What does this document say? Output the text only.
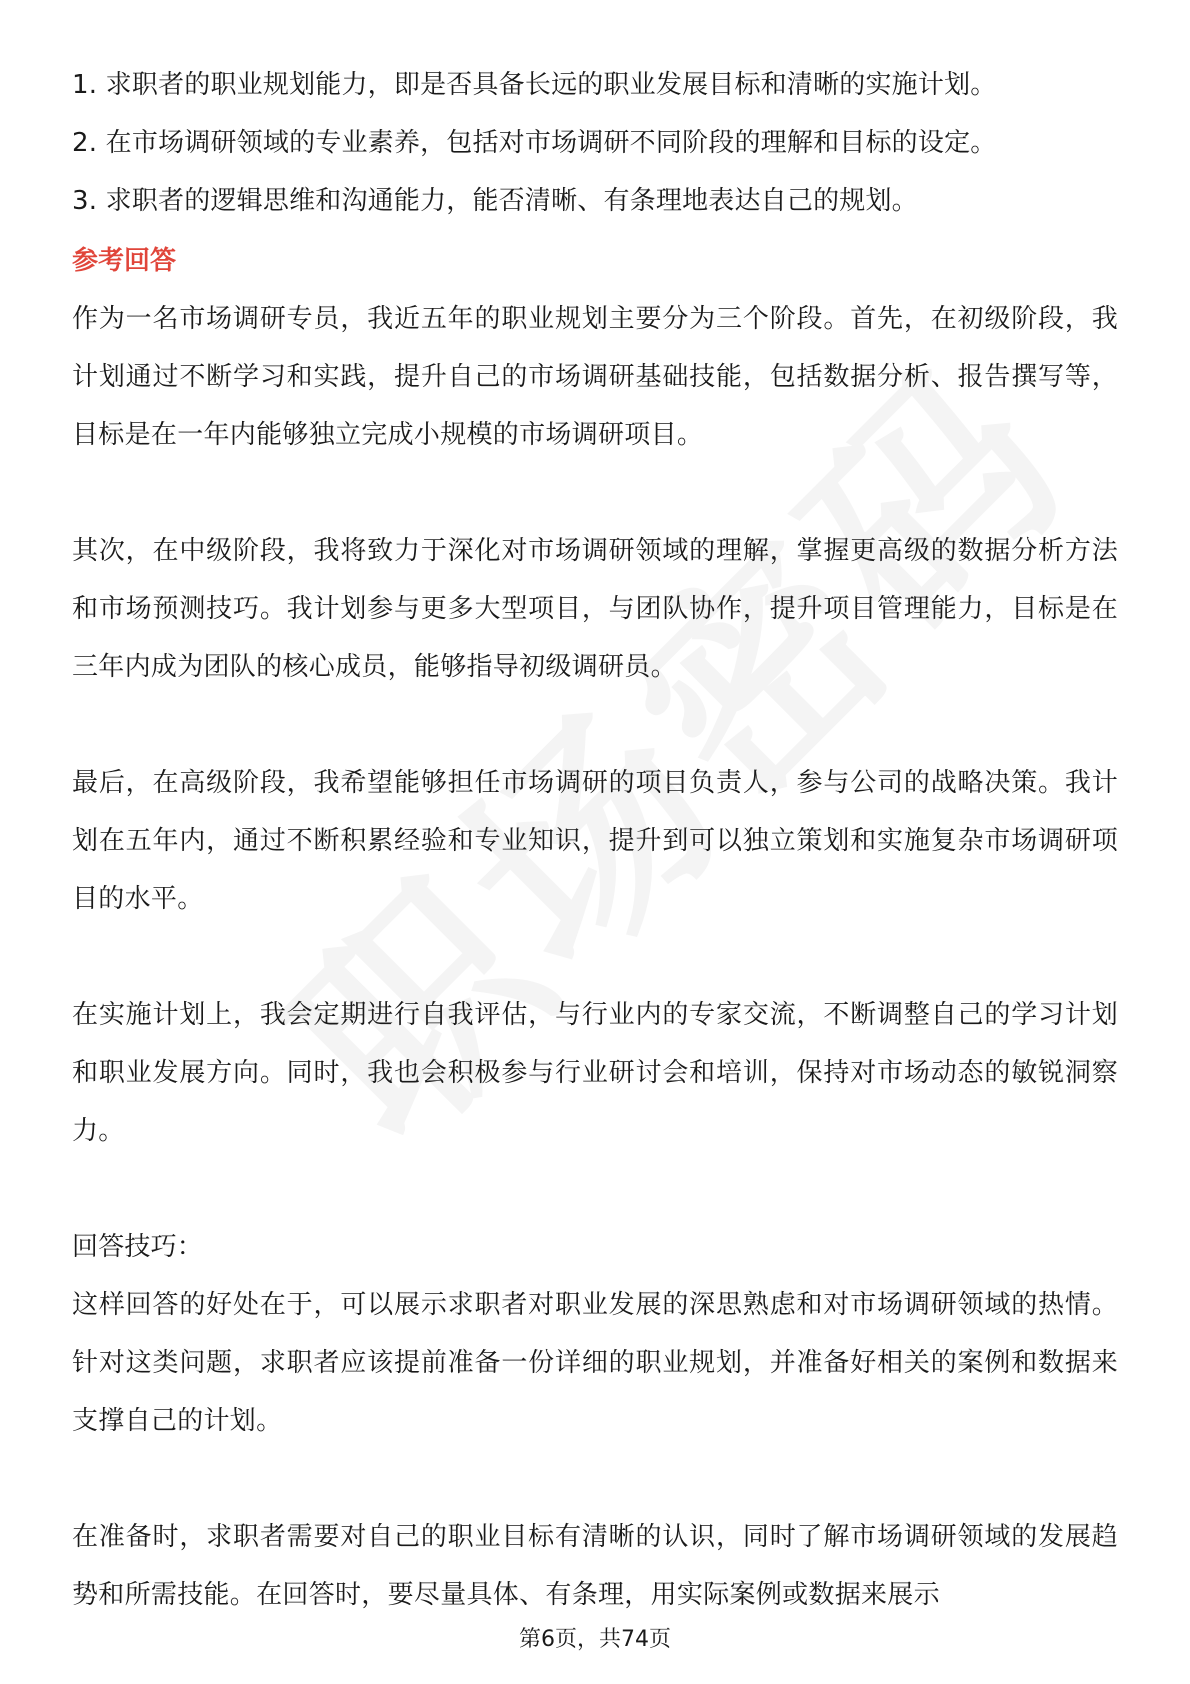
1. 求职者的职业规划能力，即是否具备长远的职业发展目标和清晰的实施计划。
2. 在市场调研领域的专业素养，包括对市场调研不同阶段的理解和目标的设定。
3. 求职者的逻辑思维和沟通能力，能否清晰、有条理地表达自己的规划。
参考回答

作为一名市场调研专员，我近五年的职业规划主要分为三个阶段。首先，在初级阶段，我计划通过不断学习和实践，提升自己的市场调研基础技能，包括数据分析、报告撰写等，目标是在一年内能够独立完成小规模的市场调研项目。

其次，在中级阶段，我将致力于深化对市场调研领域的理解，掌握更高级的数据分析方法和市场预测技巧。我计划参与更多大型项目，与团队协作，提升项目管理能力，目标是在三年内成为团队的核心成员，能够指导初级调研员。

最后，在高级阶段，我希望能够担任市场调研的项目负责人，参与公司的战略决策。我计划在五年内，通过不断积累经验和专业知识，提升到可以独立策划和实施复杂市场调研项目的水平。

在实施计划上，我会定期进行自我评估，与行业内的专家交流，不断调整自己的学习计划和职业发展方向。同时，我也会积极参与行业研讨会和培训，保持对市场动态的敏锐洞察力。

回答技巧：

这样回答的好处在于，可以展示求职者对职业发展的深思熟虑和对市场调研领域的热情。针对这类问题，求职者应该提前准备一份详细的职业规划，并准备好相关的案例和数据来支撑自己的计划。

在准备时，求职者需要对自己的职业目标有清晰的认识，同时了解市场调研领域的发展趋势和所需技能。在回答时，要尽量具体、有条理，用实际案例或数据来展示

第6页，共74页
